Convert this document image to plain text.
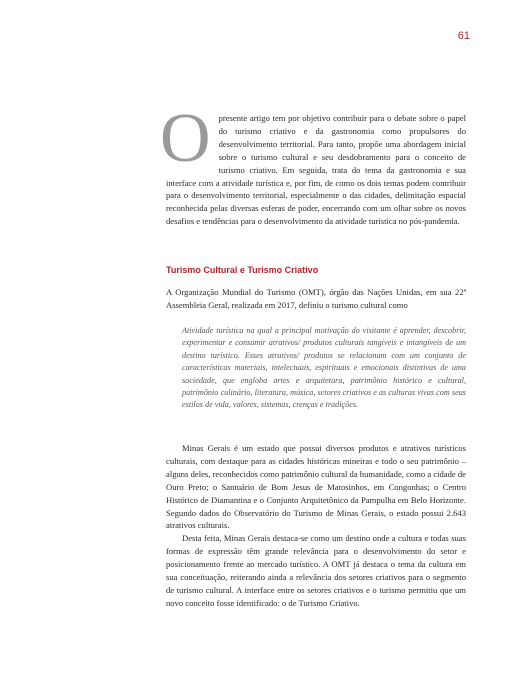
61

Opresente artigo tem por objetivo contribuir para o debate sobre o papel do turismo criativo e da gastronomia como propulsores do desenvolvimento territorial. Para tanto, propõe uma abordagem inicial sobre o turismo cultural e seu desdobramento para o conceito de turismo criativo. Em seguida, trata do tema da gastronomia e sua interface com a atividade turística e, por fim, de como os dois temas podem contribuir para o desenvolvimento territorial, especialmente o das cidades, delimitação espacial reconhecida pelas diversas esferas de poder, encerrando com um olhar sobre os novos desafios e tendências para o desenvolvimento da atividade turística no pós-pandemia.

Turismo Cultural e Turismo Criativo

A Organização Mundial do Turismo (OMT), órgão das Nações Unidas, em sua 22ª Assembleia Geral, realizada em 2017, definiu o turismo cultural como

Atividade turística na qual a principal motivação do visitante é aprender, descobrir, experimentar e consumir atrativos/ produtos culturais tangíveis e intangíveis de um destino turístico. Esses atrativos/ produtos se relacionam com um conjunto de características materiais, intelectuais, espirituais e emocionais distintivas de uma sociedade, que engloba artes e arquitetura, patrimônio histórico e cultural, patrimônio culinário, literatura, música, setores criativos e as culturas vivas com seus estilos de vida, valores, sistemas, crenças e tradições.

Minas Gerais é um estado que possui diversos produtos e atrativos turísticos culturais, com destaque para as cidades históricas mineiras e todo o seu patrimônio – alguns deles, reconhecidos como patrimônio cultural da humanidade, como a cidade de Ouro Preto; o Santuário de Bom Jesus de Matosinhos, em Congonhas; o Centro Histórico de Diamantina e o Conjunto Arquitetônico da Pampulha em Belo Horizonte. Segundo dados do Observatório do Turismo de Minas Gerais, o estado possui 2.643 atrativos culturais.

Desta feita, Minas Gerais destaca-se como um destino onde a cultura e todas suas formas de expressão têm grande relevância para o desenvolvimento do setor e posicionamento frente ao mercado turístico. A OMT já destaca o tema da cultura em sua conceituação, reiterando ainda a relevância dos setores criativos para o segmento de turismo cultural. A interface entre os setores criativos e o turismo permitiu que um novo conceito fosse identificado: o de Turismo Criativo.
